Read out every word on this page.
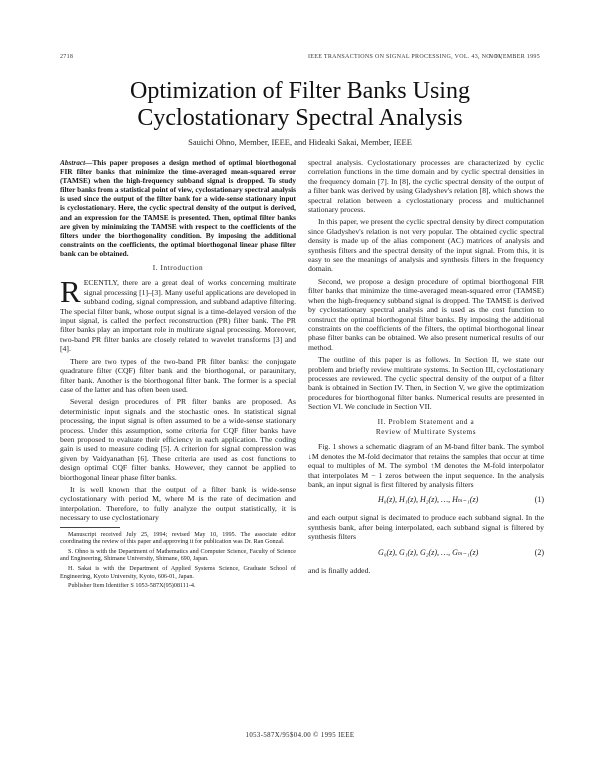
2718	IEEE TRANSACTIONS ON SIGNAL PROCESSING, VOL. 43, NO. 11,
NOVEMBER 1995
Optimization of Filter Banks Using
Cyclostationary Spectral Analysis
Sauichi Ohno, Member, IEEE, and Hideaki Sakai, Member, IEEE
Abstract—This paper proposes a design method of optimal biorthogonal FIR filter banks that minimize the time-averaged mean-squared error (TAMSE) when the high-frequency subband signal is dropped. To study filter banks from a statistical point of view, cyclostationary spectral analysis is used since the output of the filter bank for a wide-sense stationary input is cyclostationary. Here, the cyclic spectral density of the output is derived, and an expression for the TAMSE is presented. Then, optimal filter banks are given by minimizing the TAMSE with respect to the coefficients of the filters under the biorthogonality condition. By imposing the additional constraints on the coefficients, the optimal biorthogonal linear phase filter bank can be obtained.
I. Introduction

RECENTLY, there are a great deal of works concerning multirate signal processing [1]–[3]. Many useful applications are developed in subband coding, signal compression, and subband adaptive filtering. The special filter bank, whose output signal is a time-delayed version of the input signal, is called the perfect reconstruction (PR) filter bank. The PR filter banks play an important role in multirate signal processing. Moreover, two-band PR filter banks are closely related to wavelet transforms [3] and [4].

There are two types of the two-band PR filter banks: the conjugate quadrature filter (CQF) filter bank and the biorthogonal, or paraunitary, filter bank. Another is the biorthogonal filter bank. The former is a special case of the latter and has often been used.

Several design procedures of PR filter banks are proposed. As deterministic input signals and the stochastic ones. In statistical signal processing, the input signal is often assumed to be a wide-sense stationary process. Under this assumption, some criteria for CQF filter banks have been proposed to evaluate their efficiency in each application. The coding gain is used to measure coding [5]. A criterion for signal compression was given by Vaidyanathan [6]. These criteria are used as cost functions to design optimal CQF filter banks. However, they cannot be applied to biorthogonal linear phase filter banks.

It is well known that the output of a filter bank is wide-sense cyclostationary with period M, where M is the rate of decimation and interpolation. Therefore, to fully analyze the output statistically, it is necessary to use cyclostationary

Manuscript received July 25, 1994; revised May 10, 1995. The associate editor coordinating the review of this paper and approving it for publication was Dr. Ran Gonzal.
S. Ohno is with the Department of Mathematics and Computer Science, Faculty of Science and Engineering, Shimane University, Shimane, 690, Japan.
H. Sakai is with the Department of Applied Systems Science, Graduate School of Engineering, Kyoto University, Kyoto, 606-01, Japan.
Publisher Item Identifier S 1053-587X(95)08111-4.

spectral analysis. Cyclostationary processes are characterized by cyclic correlation functions in the time domain and by cyclic spectral densities in the frequency domain [7]. In [8], the cyclic spectral density of the output of a filter bank was derived by using Gladyshev's relation [8], which shows the spectral relation between a cyclostationary process and multichannel stationary process.

In this paper, we present the cyclic spectral density by direct computation since Gladyshev's relation is not very popular. The obtained cyclic spectral density is made up of the alias component (AC) matrices of analysis and synthesis filters and the spectral density of the input signal. From this, it is easy to see the meanings of analysis and synthesis filters in the frequency domain.

Second, we propose a design procedure of optimal biorthogonal FIR filter banks that minimize the time-averaged mean-squared error (TAMSE) when the high-frequency subband signal is dropped. The TAMSE is derived by cyclostationary spectral analysis and is used as the cost function to construct the optimal biorthogonal filter banks. By imposing the additional constraints on the coefficients of the filters, the optimal biorthogonal linear phase filter banks can be obtained. We also present numerical results of our method.

The outline of this paper is as follows. In Section II, we state our problem and briefly review multirate systems. In Section III, cyclostationary processes are reviewed. The cyclic spectral density of the output of a filter bank is obtained in Section IV. Then, in Section V, we give the optimization procedures for biorthogonal filter banks. Numerical results are presented in Section VI. We conclude in Section VII.

II. Problem Statement and a
Review of Multirate Systems

Fig. 1 shows a schematic diagram of an M-band filter bank. The symbol ↓M denotes the M-fold decimator that retains the samples that occur at time equal to multiples of M. The symbol ↑M denotes the M-fold interpolator that interpolates M − 1 zeros between the input sequence. In the analysis bank, an input signal is first filtered by analysis filters

H₀(z), H₁(z), H₂(z), …, Hₘ₋₁(z)	(1)

and each output signal is decimated to produce each subband signal. In the synthesis bank, after being interpolated, each subband signal is filtered by synthesis filters

G₀(z), G₁(z), G₂(z), …, Gₘ₋₁(z)	(2)

and is finally added.

1053-587X/95$04.00 © 1995 IEEE
